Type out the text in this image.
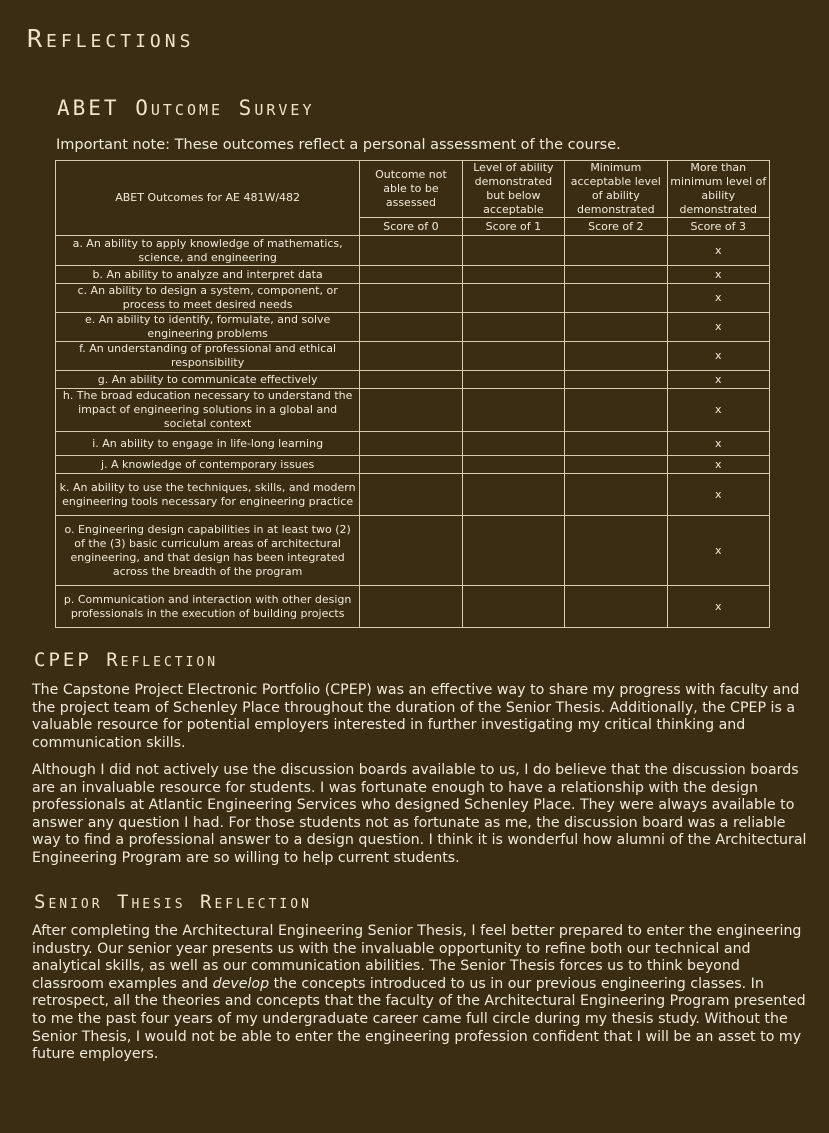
Reflections
ABET Outcome Survey
Important note: These outcomes reflect a personal assessment of the course.
ABET Outcomes for AE 481W/482	Outcome not able to be assessed	Level of ability demonstrated but below acceptable	Minimum acceptable level of ability demonstrated	More than minimum level of ability demonstrated
	Score of 0	Score of 1	Score of 2	Score of 3
a. An ability to apply knowledge of mathematics, science, and engineering				x
b. An ability to analyze and interpret data				x
c. An ability to design a system, component, or process to meet desired needs				x
e. An ability to identify, formulate, and solve engineering problems				x
f. An understanding of professional and ethical responsibility				x
g. An ability to communicate effectively				x
h. The broad education necessary to understand the impact of engineering solutions in a global and societal context				x
i. An ability to engage in life-long learning				x
j. A knowledge of contemporary issues				x
k. An ability to use the techniques, skills, and modern engineering tools necessary for engineering practice				x
o. Engineering design capabilities in at least two (2) of the (3) basic curriculum areas of architectural engineering, and that design has been integrated across the breadth of the program				x
p. Communication and interaction with other design professionals in the execution of building projects				x
CPEP Reflection

The Capstone Project Electronic Portfolio (CPEP) was an effective way to share my progress with faculty and the project team of Schenley Place throughout the duration of the Senior Thesis. Additionally, the CPEP is a valuable resource for potential employers interested in further investigating my critical thinking and communication skills.

Although I did not actively use the discussion boards available to us, I do believe that the discussion boards are an invaluable resource for students. I was fortunate enough to have a relationship with the design professionals at Atlantic Engineering Services who designed Schenley Place. They were always available to answer any question I had. For those students not as fortunate as me, the discussion board was a reliable way to find a professional answer to a design question. I think it is wonderful how alumni of the Architectural Engineering Program are so willing to help current students.

Senior Thesis Reflection

After completing the Architectural Engineering Senior Thesis, I feel better prepared to enter the engineering industry. Our senior year presents us with the invaluable opportunity to refine both our technical and analytical skills, as well as our communication abilities. The Senior Thesis forces us to think beyond classroom examples and develop the concepts introduced to us in our previous engineering classes. In retrospect, all the theories and concepts that the faculty of the Architectural Engineering Program presented to me the past four years of my undergraduate career came full circle during my thesis study. Without the Senior Thesis, I would not be able to enter the engineering profession confident that I will be an asset to my future employers.
